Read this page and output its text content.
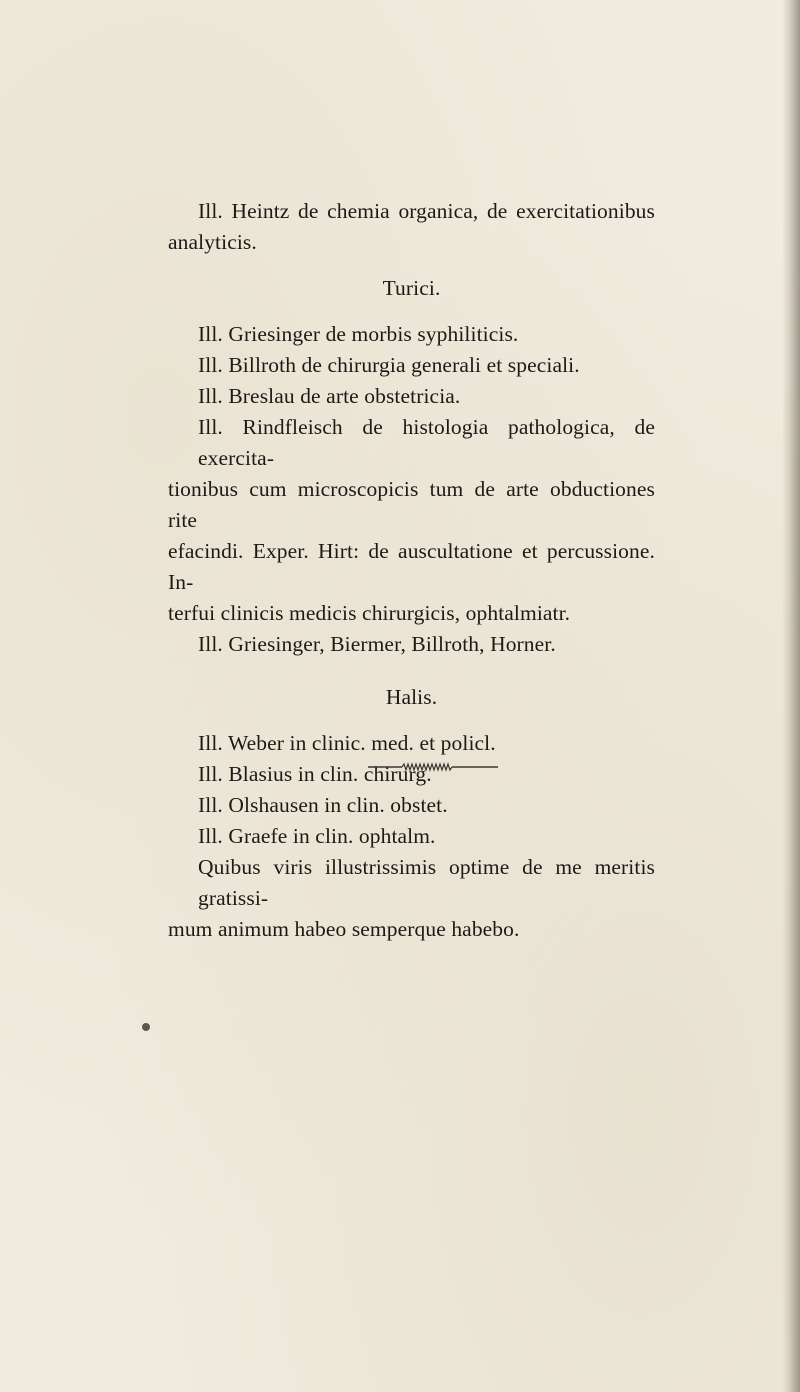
Ill. Heintz de chemia organica, de exercitationibus
analyticis.

Turici.

Ill. Griesinger de morbis syphiliticis.
Ill. Billroth de chirurgia generali et speciali.
Ill. Breslau de arte obstetricia.
Ill. Rindfleisch de histologia pathologica, de exercita-
tionibus cum microscopicis tum de arte obductiones rite
efacindi. Exper. Hirt: de auscultatione et percussione. In-
terfui clinicis medicis chirurgicis, ophtalmiatr.
Ill. Griesinger, Biermer, Billroth, Horner.

Halis.

Ill. Weber in clinic. med. et policl.
Ill. Blasius in clin. chirurg.
Ill. Olshausen in clin. obstet.
Ill. Graefe in clin. ophtalm.
Quibus viris illustrissimis optime de me meritis gratissi-
mum animum habeo semperque habebo.
